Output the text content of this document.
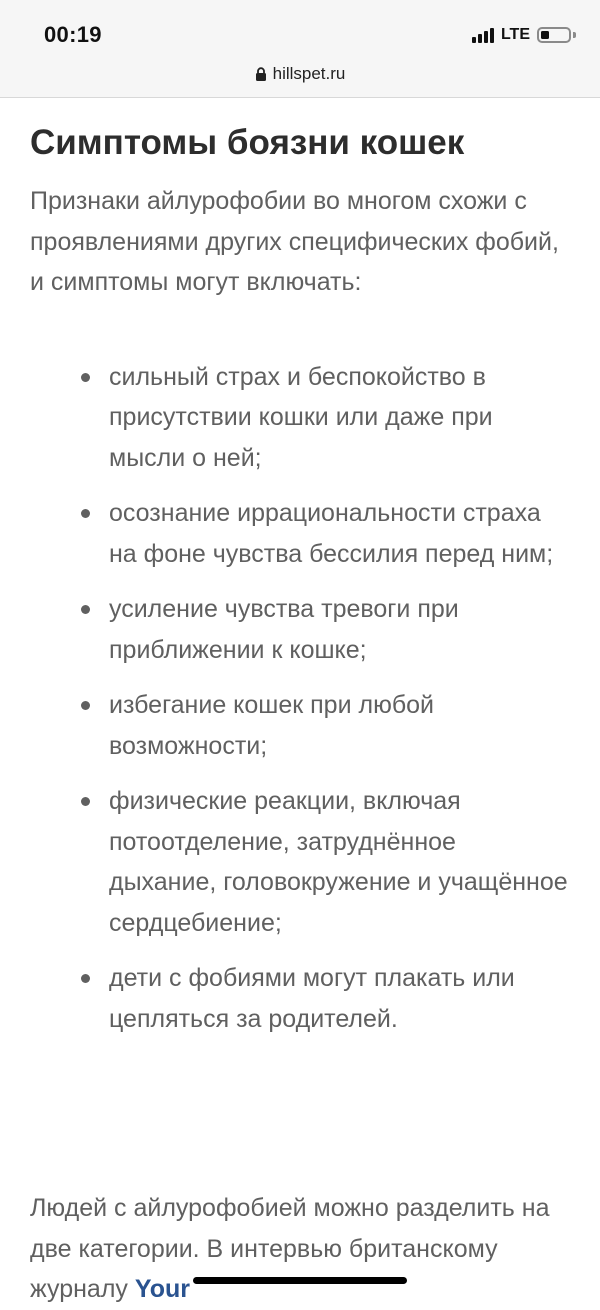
00:19	LTE
hillspet.ru
Симптомы боязни кошек

Признаки айлурофобии во многом схожи с проявлениями других специфических фобий, и симптомы могут включать:

сильный страх и беспокойство в присутствии кошки или даже при мысли о ней;
осознание иррациональности страха на фоне чувства бессилия перед ним;
усиление чувства тревоги при приближении к кошке;
избегание кошек при любой возможности;
физические реакции, включая потоотделение, затруднённое дыхание, головокружение и учащённое сердцебиение;
дети с фобиями могут плакать или цепляться за родителей.

Людей с айлурофобией можно разделить на две категории. В интервью британскому журналу Your
